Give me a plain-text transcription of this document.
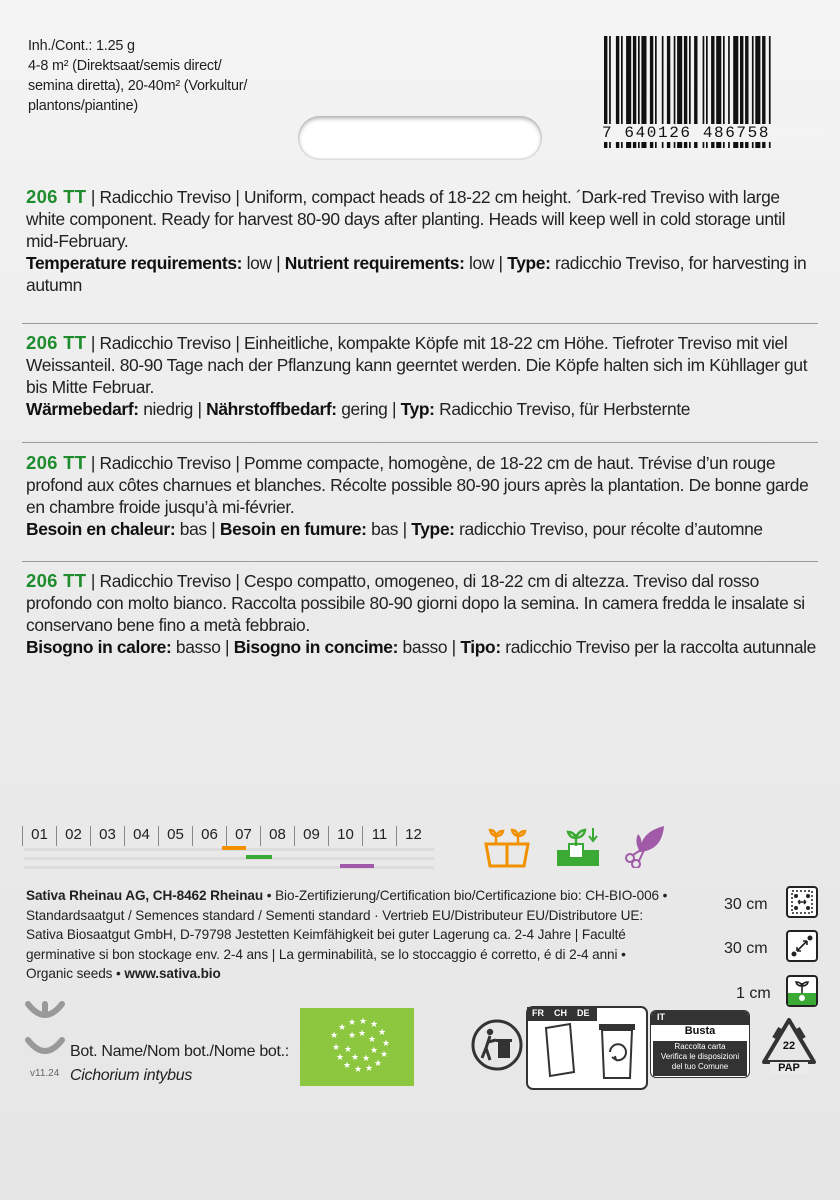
Inh./Cont.: 1.25 g
4-8 m² (Direktsaat/semis direct/
semina diretta), 20-40m² (Vorkultur/
plantons/piantine)
7 640126 486758
206 TT | Radicchio Treviso | Uniform, compact heads of 18-22 cm height. ´Dark-red Treviso with large white component. Ready for harvest 80-90 days after planting. Heads will keep well in cold storage until mid-February.
Temperature requirements: low | Nutrient requirements: low | Type: radicchio Treviso, for harvesting in autumn
206 TT | Radicchio Treviso | Einheitliche, kompakte Köpfe mit 18-22 cm Höhe. Tiefroter Treviso mit viel Weissanteil. 80-90 Tage nach der Pflanzung kann geerntet werden. Die Köpfe halten sich im Kühllager gut bis Mitte Februar.
Wärmebedarf: niedrig | Nährstoffbedarf: gering | Typ: Radicchio Treviso, für Herbsternte
206 TT | Radicchio Treviso | Pomme compacte, homogène, de 18-22 cm de haut. Trévise d’un rouge profond aux côtes charnues et blanches. Récolte possible 80-90 jours après la plantation. De bonne garde en chambre froide jusqu’à mi-février.
Besoin en chaleur: bas | Besoin en fumure: bas | Type: radicchio Treviso, pour récolte d’automne
206 TT | Radicchio Treviso | Cespo compatto, omogeneo, di 18-22 cm di altezza. Treviso dal rosso profondo con molto bianco. Raccolta possibile 80-90 giorni dopo la semina. In camera fredda le insalate si conservano bene fino a metà febbraio.
Bisogno in calore: basso | Bisogno in concime: basso | Tipo: radicchio Treviso per la raccolta autunnale
01	02	03	04	05	06	07	08	09	10	11	12
Sativa Rheinau AG, CH-8462 Rheinau • Bio-Zertifizierung/Certification bio/Certificazione bio: CH-BIO-006 • Standardsaatgut / Semences standard / Sementi standard · Vertrieb EU/Distributeur EU/Distributore UE: Sativa Biosaatgut GmbH, D-79798 Jestetten Keimfähigkeit bei guter Lagerung ca. 2-4 Jahre | Faculté germinative si bon stockage env. 2-4 ans | La germinabilità, se lo stoccaggio é corretto, é di 2-4 anni • Organic seeds • www.sativa.bio
30 cm
30 cm
1 cm
v11.24
Bot. Name/Nom bot./Nome bot.:
Cichorium intybus
★
★ ★ ★ ★
★
★
★
★
★
★
★
★
★
★ ★
★
★
★
★
★
FR CH DE	IT
Busta
Raccolta carta
Verifica le disposizioni
del tuo Comune
22
PAP
